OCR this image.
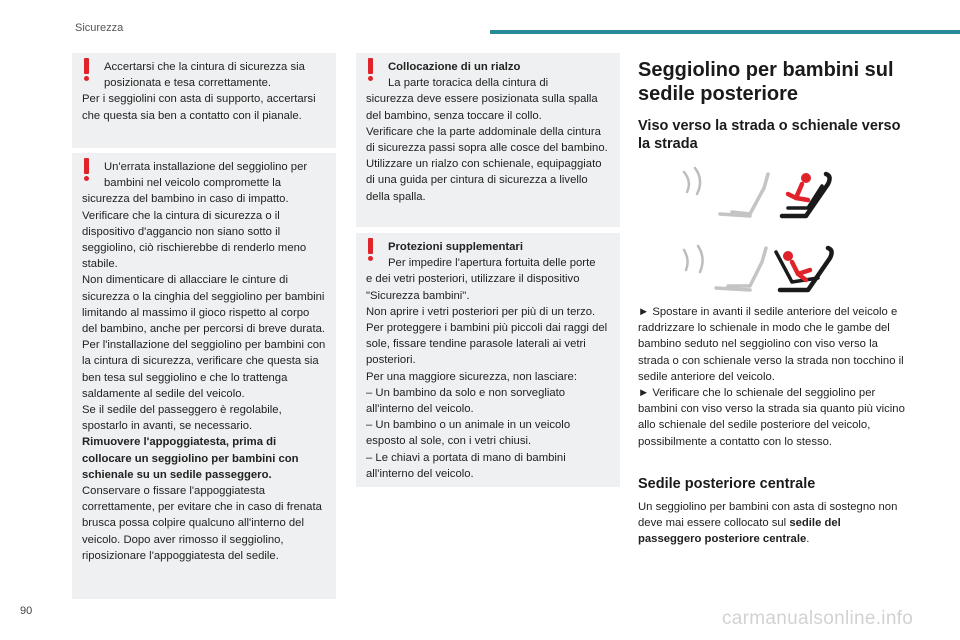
Sicurezza

Accertarsi che la cintura di sicurezza sia

posizionata e tesa correttamente.

Per i seggiolini con asta di supporto, accertarsi che questa sia ben a contatto con il pianale.

Un'errata installazione del seggiolino per

bambini nel veicolo compromette la

sicurezza del bambino in caso di impatto.

Verificare che la cintura di sicurezza o il dispositivo d'aggancio non siano sotto il seggiolino, ciò rischierebbe di renderlo meno stabile.

Non dimenticare di allacciare le cinture di sicurezza o la cinghia del seggiolino per bambini limitando al massimo il gioco rispetto al corpo del bambino, anche per percorsi di breve durata.

Per l'installazione del seggiolino per bambini con la cintura di sicurezza, verificare che questa sia ben tesa sul seggiolino e che lo trattenga saldamente al sedile del veicolo.

Se il sedile del passeggero è regolabile, spostarlo in avanti, se necessario.

Rimuovere l'appoggiatesta, prima di collocare un seggiolino per bambini con schienale su un sedile passeggero.

Conservare o fissare l'appoggiatesta correttamente, per evitare che in caso di frenata brusca possa colpire qualcuno all'interno del veicolo. Dopo aver rimosso il seggiolino, riposizionare l'appoggiatesta del sedile.

Collocazione di un rialzo

La parte toracica della cintura di

sicurezza deve essere posizionata sulla spalla del bambino, senza toccare il collo.

Verificare che la parte addominale della cintura di sicurezza passi sopra alle cosce del bambino.

Utilizzare un rialzo con schienale, equipaggiato di una guida per cintura di sicurezza a livello della spalla.

Protezioni supplementari

Per impedire l'apertura fortuita delle porte

e dei vetri posteriori, utilizzare il dispositivo "Sicurezza bambini".

Non aprire i vetri posteriori per più di un terzo.

Per proteggere i bambini più piccoli dai raggi del sole, fissare tendine parasole laterali ai vetri posteriori.

Per una maggiore sicurezza, non lasciare:

– Un bambino da solo e non sorvegliato all'interno del veicolo.

– Un bambino o un animale in un veicolo esposto al sole, con i vetri chiusi.

– Le chiavi a portata di mano di bambini all'interno del veicolo.

Seggiolino per bambini sul sedile posteriore
Viso verso la strada o schienale verso la strada

► Spostare in avanti il sedile anteriore del veicolo e raddrizzare lo schienale in modo che le gambe del bambino seduto nel seggiolino con viso verso la strada o con schienale verso la strada non tocchino il sedile anteriore del veicolo.

► Verificare che lo schienale del seggiolino per bambini con viso verso la strada sia quanto più vicino allo schienale del sedile posteriore del veicolo, possibilmente a contatto con lo stesso.

Sedile posteriore centrale
Un seggiolino per bambini con asta di sostegno non deve mai essere collocato sul sedile del passeggero posteriore centrale.
90	carmanualsonline.info
